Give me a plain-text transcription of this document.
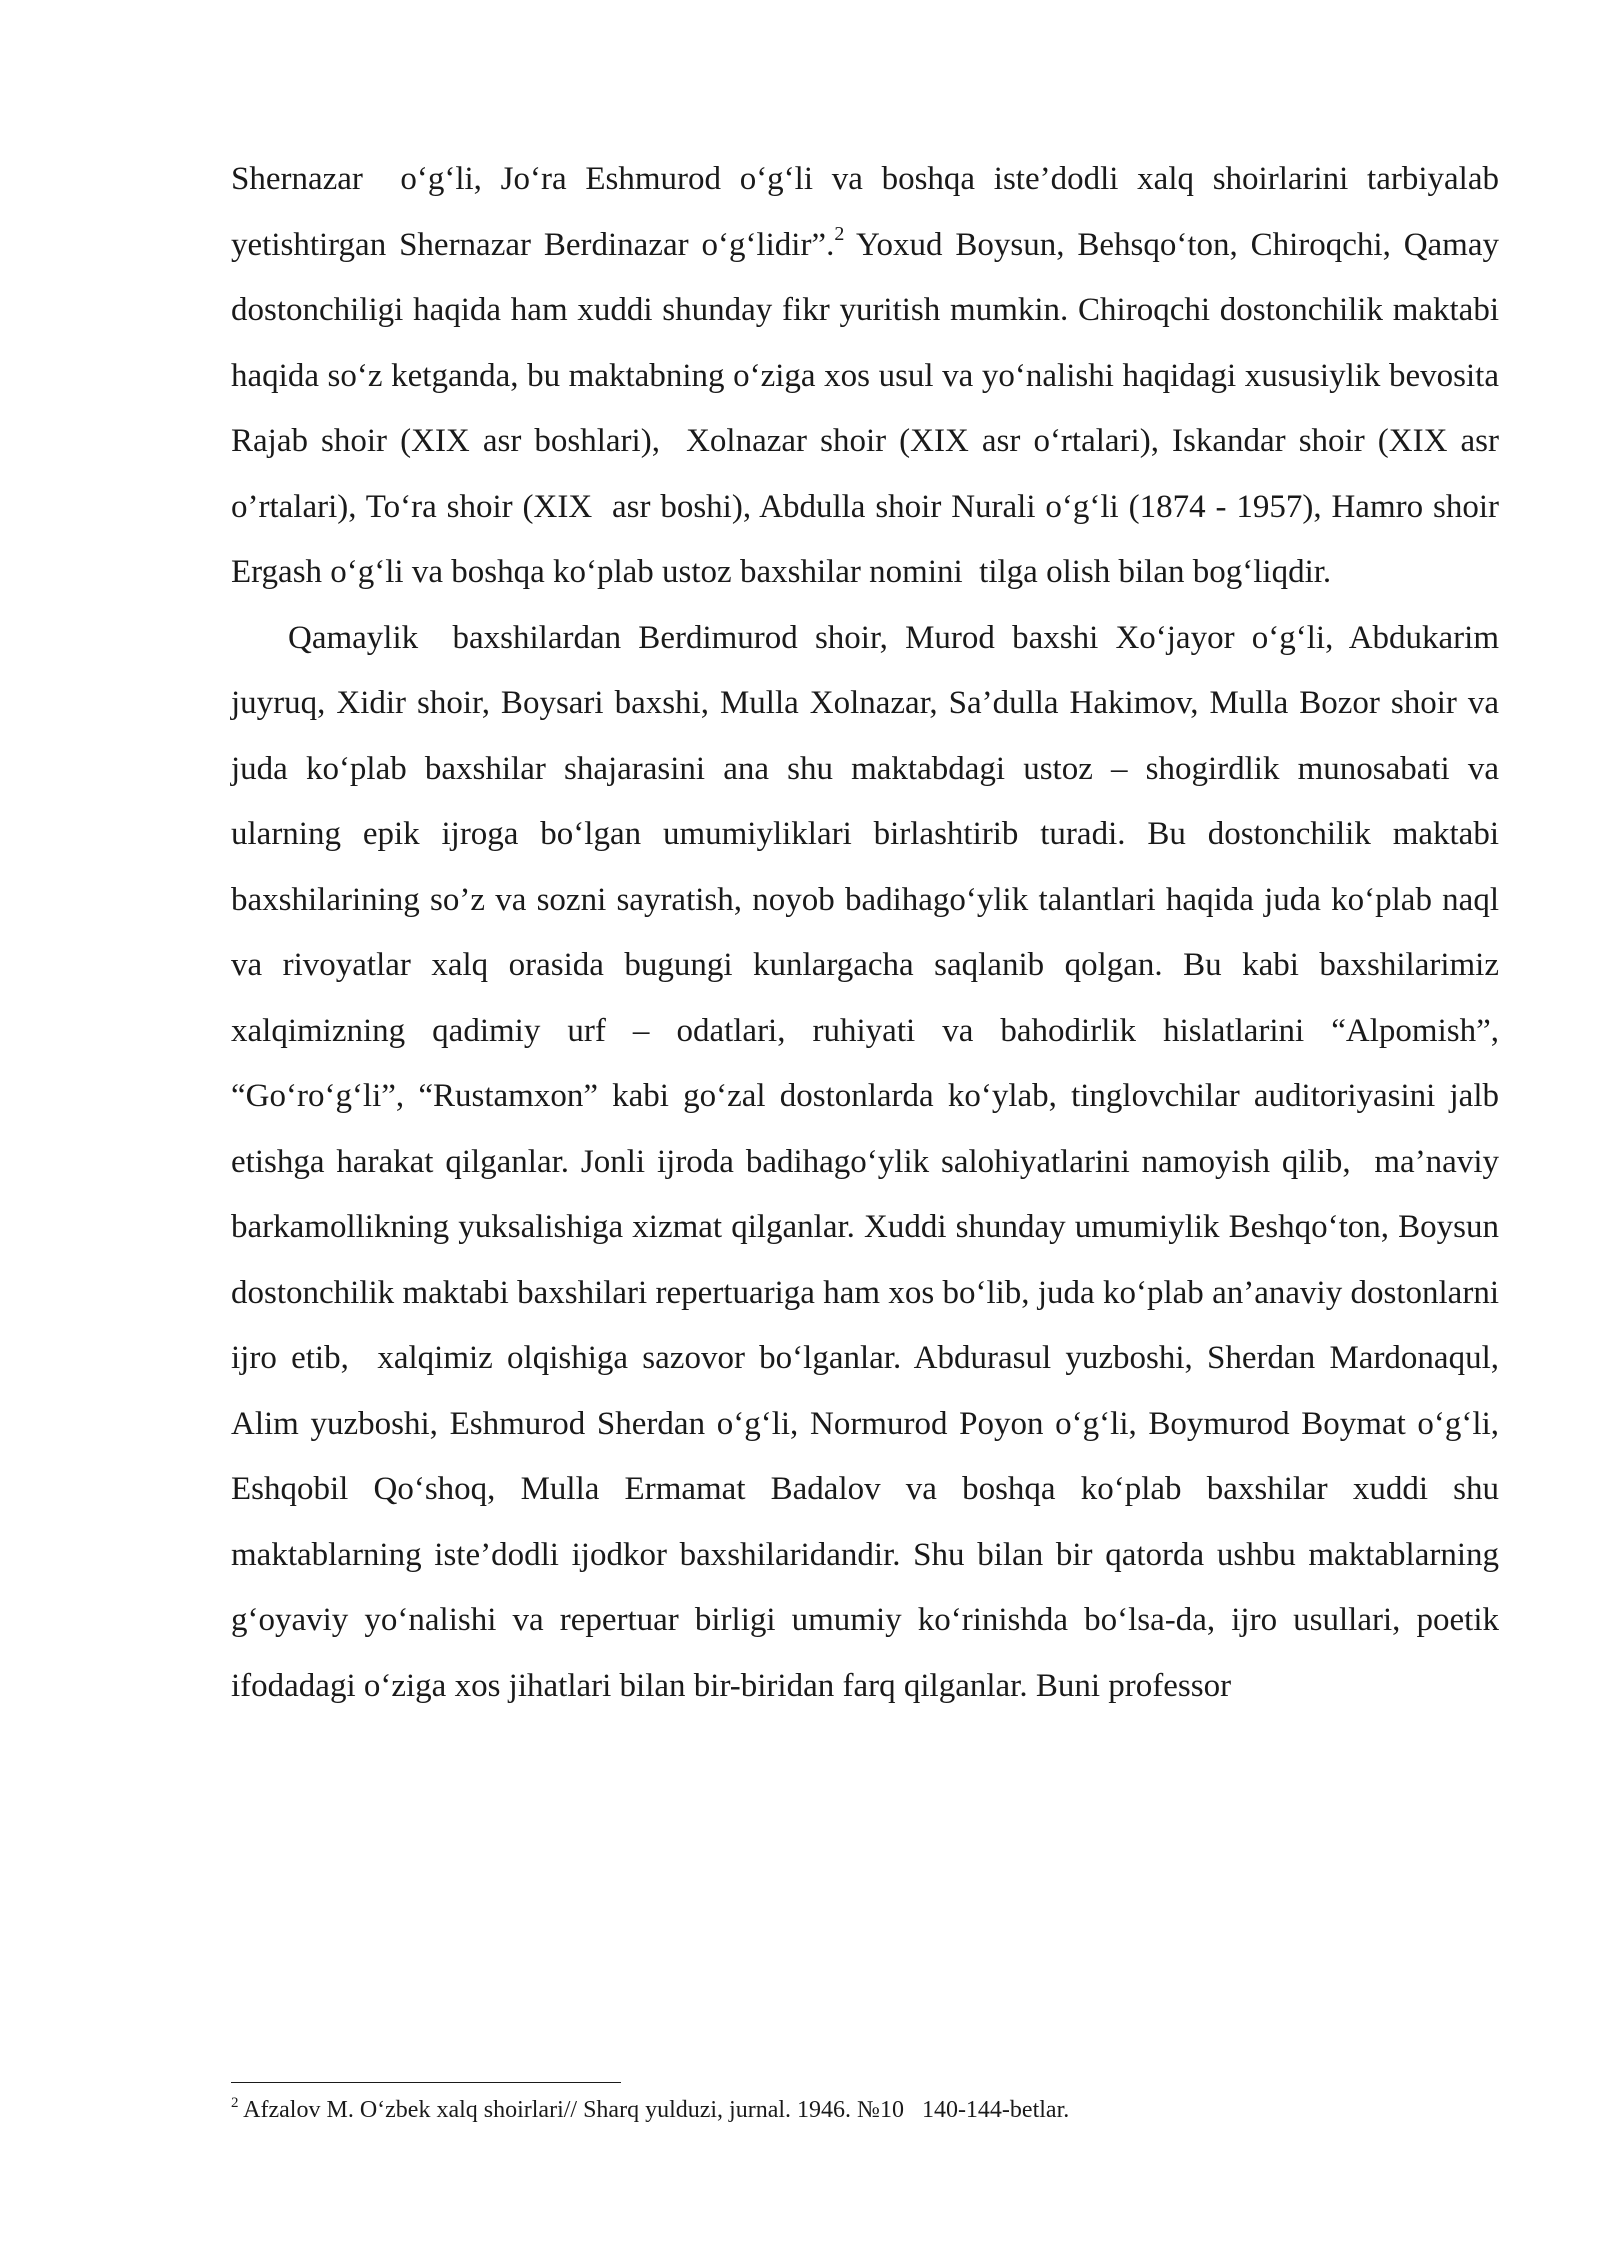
Shernazar  o‘g‘li, Jo‘ra Eshmurod o‘g‘li va boshqa iste’dodli xalq shoirlarini tarbiyalab yetishtirgan Shernazar Berdinazar o‘g‘lidir”.$^2$ Yoxud Boysun, Behsqo‘ton, Chiroqchi, Qamay  dostonchiligi haqida ham xuddi shunday fikr yuritish mumkin. Chiroqchi dostonchilik maktabi haqida so‘z ketganda, bu maktabning o‘ziga xos usul va yo‘nalishi haqidagi xususiylik bevosita Rajab shoir (XIX asr boshlari),  Xolnazar shoir (XIX asr o‘rtalari), Iskandar shoir (XIX asr o’rtalari), To‘ra shoir (XIX  asr boshi), Abdulla shoir Nurali o‘g‘li (1874 - 1957), Hamro shoir Ergash o‘g‘li va boshqa ko‘plab ustoz baxshilar nomini  tilga olish bilan bog‘liqdir.

Qamaylik  baxshilardan Berdimurod shoir, Murod baxshi Xo‘jayor o‘g‘li, Abdukarim juyruq, Xidir shoir, Boysari baxshi, Mulla Xolnazar, Sa’dulla Hakimov, Mulla Bozor shoir va juda ko‘plab baxshilar shajarasini ana shu maktabdagi ustoz – shogirdlik munosabati va ularning epik ijroga bo‘lgan umumiyliklari birlashtirib turadi. Bu dostonchilik maktabi baxshilarining so’z va sozni sayratish, noyob badihago‘ylik talantlari haqida juda ko‘plab naql va rivoyatlar xalq orasida bugungi kunlargacha saqlanib qolgan. Bu kabi baxshilarimiz xalqimizning qadimiy urf – odatlari, ruhiyati va bahodirlik hislatlarini “Alpomish”, “Go‘ro‘g‘li”, “Rustamxon” kabi go‘zal dostonlarda ko‘ylab, tinglovchilar auditoriyasini jalb etishga harakat qilganlar. Jonli ijroda badihago‘ylik salohiyatlarini namoyish qilib,  ma’naviy barkamollikning yuksalishiga xizmat qilganlar. Xuddi shunday umumiylik Beshqo‘ton, Boysun dostonchilik maktabi baxshilari repertuariga ham xos bo‘lib, juda ko‘plab an’anaviy dostonlarni ijro etib,  xalqimiz olqishiga sazovor bo‘lganlar. Abdurasul yuzboshi, Sherdan Mardonaqul, Alim yuzboshi, Eshmurod Sherdan o‘g‘li, Normurod Poyon o‘g‘li, Boymurod Boymat o‘g‘li, Eshqobil Qo‘shoq, Mulla Ermamat Badalov va boshqa ko‘plab baxshilar xuddi shu maktablarning iste’dodli ijodkor baxshilaridandir. Shu bilan bir qatorda ushbu maktablarning g‘oyaviy yo‘nalishi va repertuar birligi umumiy ko‘rinishda bo‘lsa-da, ijro usullari, poetik ifodadagi o‘ziga xos jihatlari bilan bir-biridan farq qilganlar. Buni professor

$^2$ Afzalov M. O‘zbek xalq shoirlari// Sharq yulduzi, jurnal. 1946. №10   140-144-betlar.
